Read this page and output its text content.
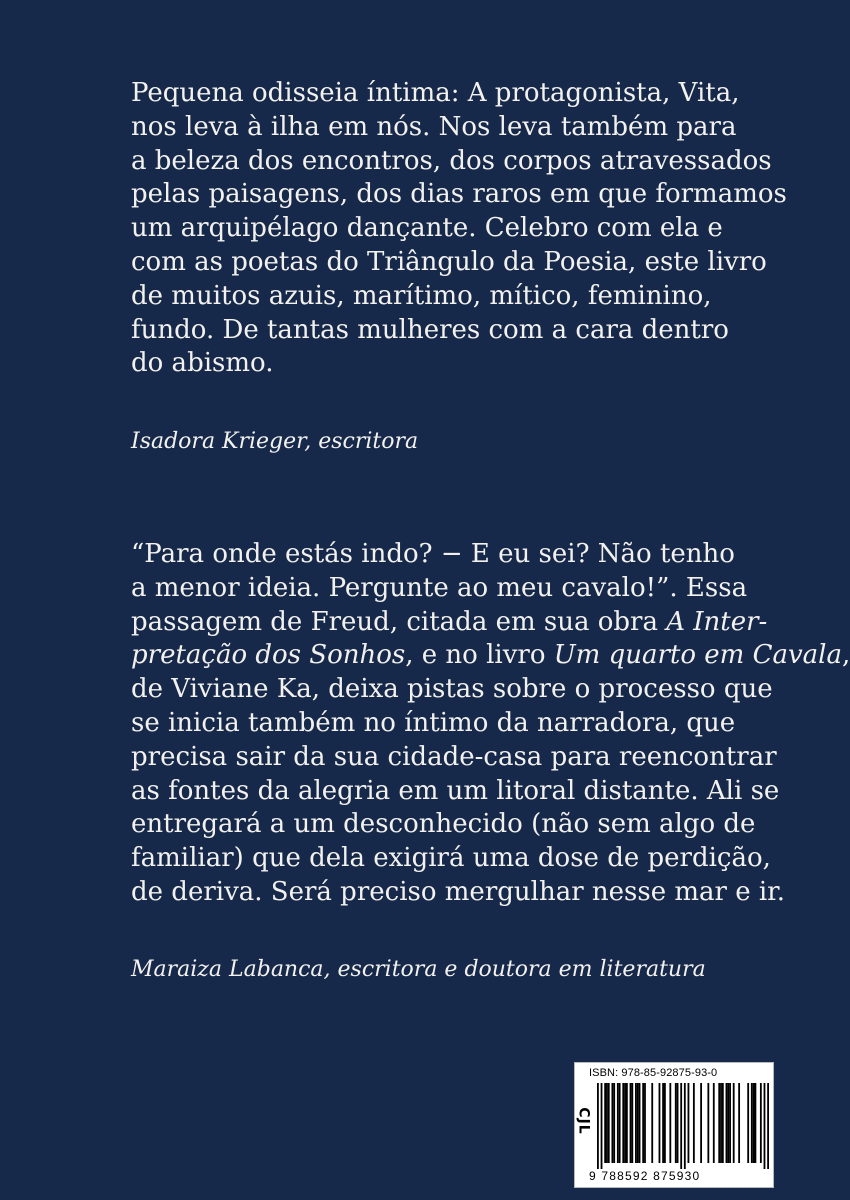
Pequena odisseia íntima: A protagonista, Vita,
nos leva à ilha em nós. Nos leva também para
a beleza dos encontros, dos corpos atravessados
pelas paisagens, dos dias raros em que formamos
um arquipélago dançante. Celebro com ela e
com as poetas do Triângulo da Poesia, este livro
de muitos azuis, marítimo, mítico, feminino,
fundo. De tantas mulheres com a cara dentro
do abismo.
Isadora Krieger, escritora
“Para onde estás indo? − E eu sei? Não tenho
a menor ideia. Pergunte ao meu cavalo!”. Essa
passagem de Freud, citada em sua obra A Inter-
pretação dos Sonhos, e no livro Um quarto em Cavala,
de Viviane Ka, deixa pistas sobre o processo que
se inicia também no íntimo da narradora, que
precisa sair da sua cidade-casa para reencontrar
as fontes da alegria em um litoral distante. Ali se
entregará a um desconhecido (não sem algo de
familiar) que dela exigirá uma dose de perdição,
de deriva. Será preciso mergulhar nesse mar e ir.
Maraiza Labanca, escritora e doutora em literatura
ISBN: 978-85-92875-93-0
CJL
9 788592 875930
